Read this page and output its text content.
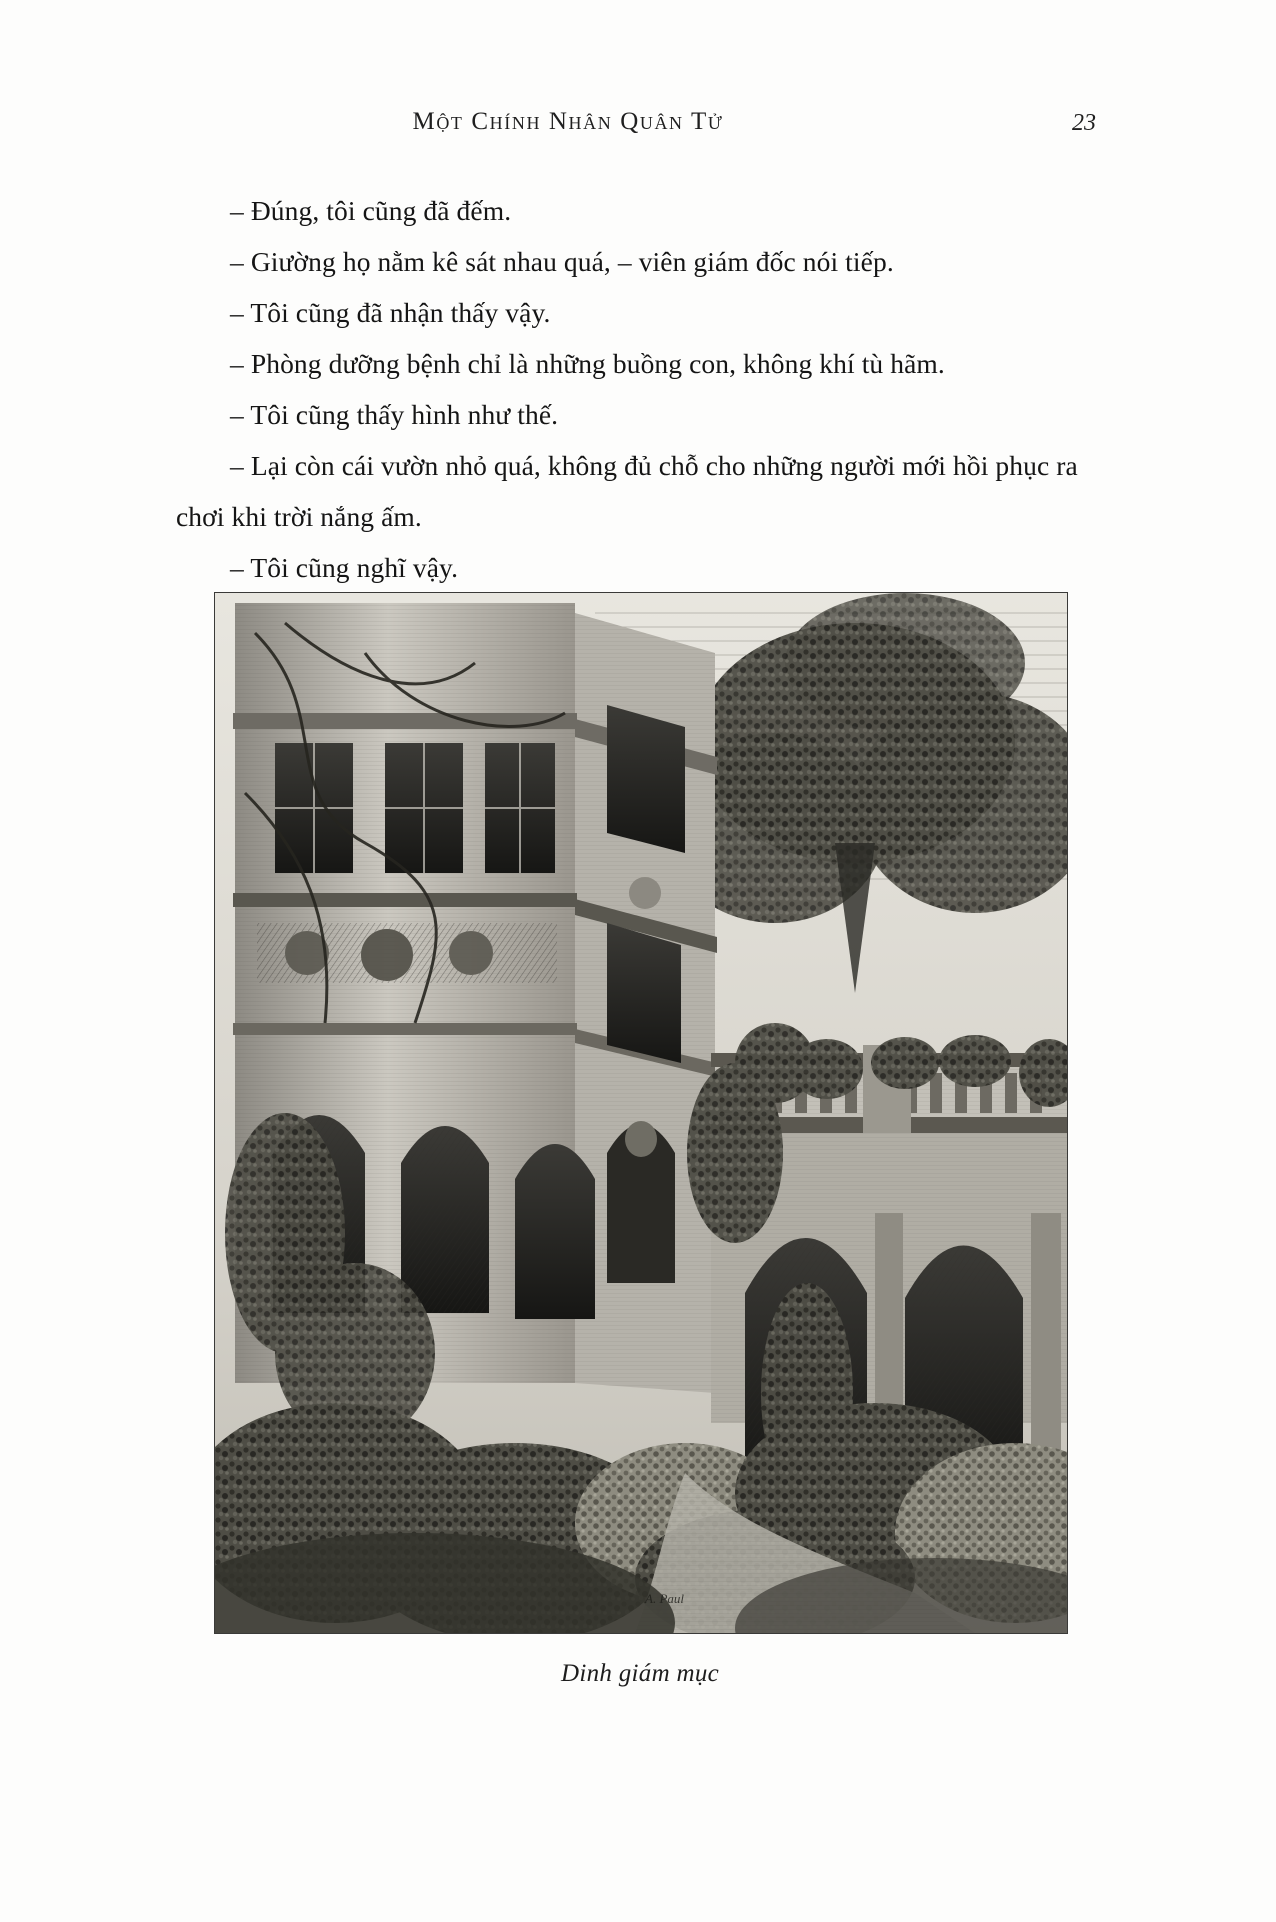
Một Chính Nhân Quân Tử	23

– Đúng, tôi cũng đã đếm.

– Giường họ nằm kê sát nhau quá, – viên giám đốc nói tiếp.

– Tôi cũng đã nhận thấy vậy.

– Phòng dưỡng bệnh chỉ là những buồng con, không khí tù hãm.

– Tôi cũng thấy hình như thế.

– Lại còn cái vườn nhỏ quá, không đủ chỗ cho những người mới hồi phục ra chơi khi trời nắng ấm.

– Tôi cũng nghĩ vậy.

A. Paul
Dinh giám mục
